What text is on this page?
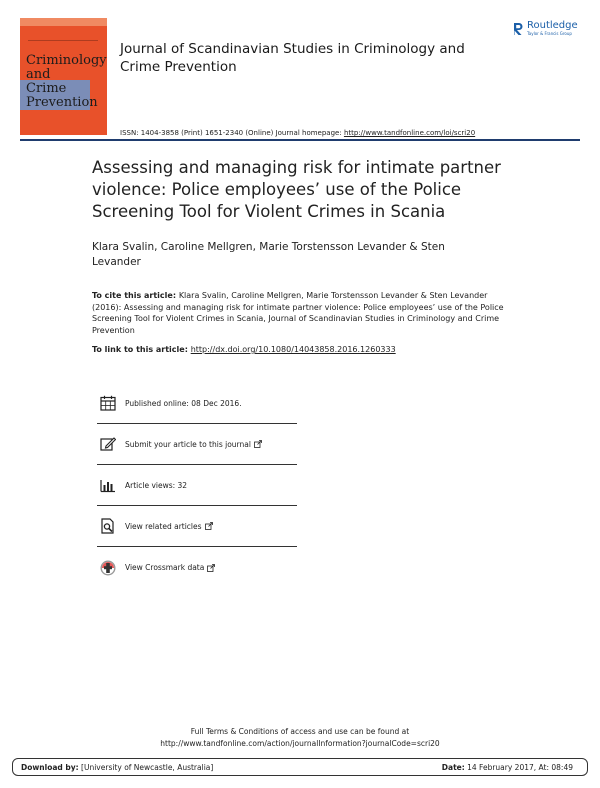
Criminology
and
Crime
Prevention
Journal of Scandinavian Studies in Criminology and
Crime Prevention
Routledge
Taylor & Francis Group
ISSN: 1404-3858 (Print) 1651-2340 (Online) Journal homepage: http://www.tandfonline.com/loi/scri20
Assessing and managing risk for intimate partner violence: Police employees’ use of the Police Screening Tool for Violent Crimes in Scania
Klara Svalin, Caroline Mellgren, Marie Torstensson Levander & Sten Levander
To cite this article: Klara Svalin, Caroline Mellgren, Marie Torstensson Levander & Sten Levander (2016): Assessing and managing risk for intimate partner violence: Police employees’ use of the Police Screening Tool for Violent Crimes in Scania, Journal of Scandinavian Studies in Criminology and Crime Prevention
To link to this article: http://dx.doi.org/10.1080/14043858.2016.1260333
Published online: 08 Dec 2016.
Submit your article to this journal
Article views: 32
View related articles
View Crossmark data
Full Terms & Conditions of access and use can be found at
http://www.tandfonline.com/action/journalInformation?journalCode=scri20
Download by: [University of Newcastle, Australia]	Date: 14 February 2017, At: 08:49
